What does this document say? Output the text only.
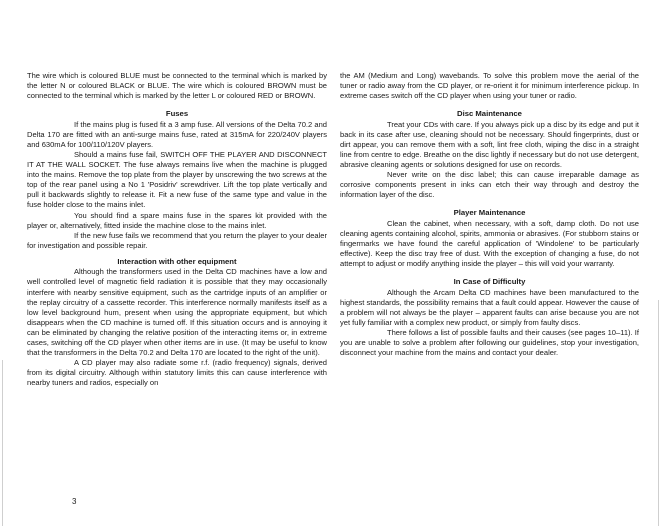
The wire which is coloured BLUE must be connected to the terminal which is marked by the letter N or coloured BLACK or BLUE. The wire which is coloured BROWN must be connected to the terminal which is marked by the letter L or coloured RED or BROWN.

Fuses

If the mains plug is fused fit a 3 amp fuse. All versions of the Delta 70.2 and Delta 170 are fitted with an anti-surge mains fuse, rated at 315mA for 220/240V players and 630mA for 100/110/120V players.

Should a mains fuse fail, SWITCH OFF THE PLAYER AND DISCONNECT IT AT THE WALL SOCKET. The fuse always remains live when the machine is plugged into the mains. Remove the top plate from the player by unscrewing the two screws at the top of the rear panel using a No 1 'Posidriv' screwdriver. Lift the top plate vertically and pull it backwards slightly to release it. Fit a new fuse of the same type and value in the fuse holder close to the mains inlet.

You should find a spare mains fuse in the spares kit provided with the player or, alternatively, fitted inside the machine close to the mains inlet.

If the new fuse fails we recommend that you return the player to your dealer for investigation and possible repair.

Interaction with other equipment

Although the transformers used in the Delta CD machines have a low and well controlled level of magnetic field radiation it is possible that they may occasionally interfere with nearby sensitive equipment, such as the cartridge inputs of an amplifier or the replay circuitry of a cassette recorder. This interference normally manifests itself as a low level background hum, present when using the appropriate equipment, but which disappears when the CD machine is turned off. If this situation occurs and is annoying it can be eliminated by changing the relative position of the interacting items or, in extreme cases, switching off the CD player when other items are in use. (It may be useful to know that the transformers in the Delta 70.2 and Delta 170 are located to the right of the unit).

A CD player may also radiate some r.f. (radio frequency) signals, derived from its digital circuitry. Although within statutory limits this can cause interference with nearby tuners and radios, especially on

the AM (Medium and Long) wavebands. To solve this problem move the aerial of the tuner or radio away from the CD player, or re-orient it for minimum interference pickup. In extreme cases switch off the CD player when using your tuner or radio.

Disc Maintenance

Treat your CDs with care. If you always pick up a disc by its edge and put it back in its case after use, cleaning should not be necessary. Should fingerprints, dust or dirt appear, you can remove them with a soft, lint free cloth, wiping the disc in a straight line from centre to edge. Breathe on the disc lightly if necessary but do not use detergent, abrasive cleaning agents or solutions designed for use on records.

Never write on the disc label; this can cause irreparable damage as corrosive components present in inks can etch their way through and destroy the information layer of the disc.

Player Maintenance

Clean the cabinet, when necessary, with a soft, damp cloth. Do not use cleaning agents containing alcohol, spirits, ammonia or abrasives. (For stubborn stains or fingermarks we have found the careful application of 'Windolene' to be particularly effective). Keep the disc tray free of dust. With the exception of changing a fuse, do not attempt to adjust or modify anything inside the player – this will void your warranty.

In Case of Difficulty

Although the Arcam Delta CD machines have been manufactured to the highest standards, the possibility remains that a fault could appear. However the cause of a problem will not always be the player – apparent faults can arise because you are not yet fully familiar with a complex new product, or simply from faulty discs.

There follows a list of possible faults and their causes (see pages 10–11). If you are unable to solve a problem after following our guidelines, stop your investigation, disconnect your machine from the mains and contact your dealer.

3
